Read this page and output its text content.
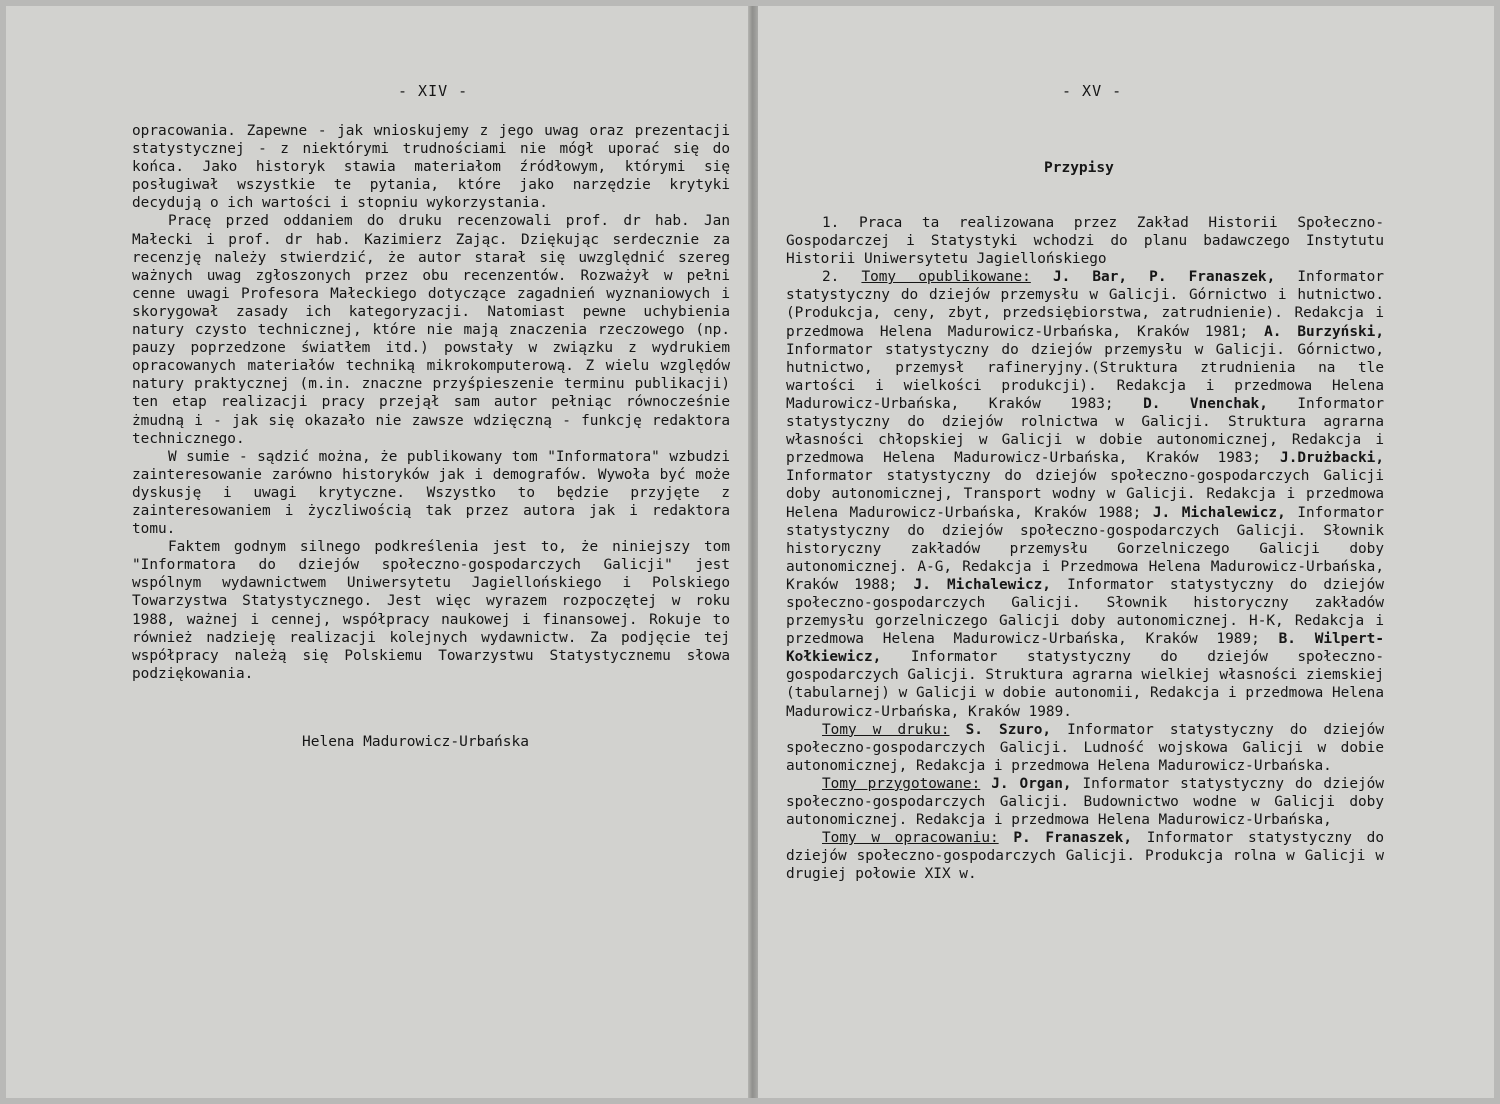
- XIV -

opracowania. Zapewne - jak wnioskujemy z jego uwag oraz prezentacji statystycznej - z niektórymi trudnościami nie mógł uporać się do końca. Jako historyk stawia materiałom źródłowym, którymi się posługiwał wszystkie te pytania, które jako narzędzie krytyki decydują o ich wartości i stopniu wykorzystania.

Pracę przed oddaniem do druku recenzowali prof. dr hab. Jan Małecki i prof. dr hab. Kazimierz Zając. Dziękując serdecznie za recenzję należy stwierdzić, że autor starał się uwzględnić szereg ważnych uwag zgłoszonych przez obu recenzentów. Rozważył w pełni cenne uwagi Profesora Małeckiego dotyczące zagadnień wyznaniowych i skorygował zasady ich kategoryzacji. Natomiast pewne uchybienia natury czysto technicznej, które nie mają znaczenia rzeczowego (np. pauzy poprzedzone światłem itd.) powstały w związku z wydrukiem opracowanych materiałów techniką mikrokomputerową. Z wielu względów natury praktycznej (m.in. znaczne przyśpieszenie terminu publikacji) ten etap realizacji pracy przejął sam autor pełniąc równocześnie żmudną i - jak się okazało nie zawsze wdzięczną - funkcję redaktora technicznego.

W sumie - sądzić można, że publikowany tom "Informatora" wzbudzi zainteresowanie zarówno historyków jak i demografów. Wywoła być może dyskusję i uwagi krytyczne. Wszystko to będzie przyjęte z zainteresowaniem i życzliwością tak przez autora jak i redaktora tomu.

Faktem godnym silnego podkreślenia jest to, że niniejszy tom "Informatora do dziejów społeczno-gospodarczych Galicji" jest wspólnym wydawnictwem Uniwersytetu Jagiellońskiego i Polskiego Towarzystwa Statystycznego. Jest więc wyrazem rozpoczętej w roku 1988, ważnej i cennej, współpracy naukowej i finansowej. Rokuje to również nadzieję realizacji kolejnych wydawnictw. Za podjęcie tej współpracy należą się Polskiemu Towarzystwu Statystycznemu słowa podziękowania.

Helena Madurowicz-Urbańska
- XV -
Przypisy

1. Praca ta realizowana przez Zakład Historii Społeczno-Gospodarczej i Statystyki wchodzi do planu badawczego Instytutu Historii Uniwersytetu Jagiellońskiego

2. Tomy opublikowane: J. Bar, P. Franaszek, Informator statystyczny do dziejów przemysłu w Galicji. Górnictwo i hutnictwo.(Produkcja, ceny, zbyt, przedsiębiorstwa, zatrudnienie). Redakcja i przedmowa Helena Madurowicz-Urbańska, Kraków 1981; A. Burzyński, Informator statystyczny do dziejów przemysłu w Galicji. Górnictwo, hutnictwo, przemysł rafineryjny.(Struktura ztrudnienia na tle wartości i wielkości produkcji). Redakcja i przedmowa Helena Madurowicz-Urbańska, Kraków 1983; D. Vnenchak, Informator statystyczny do dziejów rolnictwa w Galicji. Struktura agrarna własności chłopskiej w Galicji w dobie autonomicznej, Redakcja i przedmowa Helena Madurowicz-Urbańska, Kraków 1983; J.Drużbacki, Informator statystyczny do dziejów społeczno-gospodarczych Galicji doby autonomicznej, Transport wodny w Galicji. Redakcja i przedmowa Helena Madurowicz-Urbańska, Kraków 1988; J. Michalewicz, Informator statystyczny do dziejów społeczno-gospodarczych Galicji. Słownik historyczny zakładów przemysłu Gorzelniczego Galicji doby autonomicznej. A-G, Redakcja i Przedmowa Helena Madurowicz-Urbańska, Kraków 1988; J. Michalewicz, Informator statystyczny do dziejów społeczno-gospodarczych Galicji. Słownik historyczny zakładów przemysłu gorzelniczego Galicji doby autonomicznej. H-K, Redakcja i przedmowa Helena Madurowicz-Urbańska, Kraków 1989; B. Wilpert-Kołkiewicz, Informator statystyczny do dziejów społeczno-gospodarczych Galicji. Struktura agrarna wielkiej własności ziemskiej (tabularnej) w Galicji w dobie autonomii, Redakcja i przedmowa Helena Madurowicz-Urbańska, Kraków 1989.

Tomy w druku: S. Szuro, Informator statystyczny do dziejów społeczno-gospodarczych Galicji. Ludność wojskowa Galicji w dobie autonomicznej, Redakcja i przedmowa Helena Madurowicz-Urbańska.

Tomy przygotowane: J. Organ, Informator statystyczny do dziejów społeczno-gospodarczych Galicji. Budownictwo wodne w Galicji doby autonomicznej. Redakcja i przedmowa Helena Madurowicz-Urbańska,

Tomy w opracowaniu: P. Franaszek, Informator statystyczny do dziejów społeczno-gospodarczych Galicji. Produkcja rolna w Galicji w drugiej połowie XIX w.
